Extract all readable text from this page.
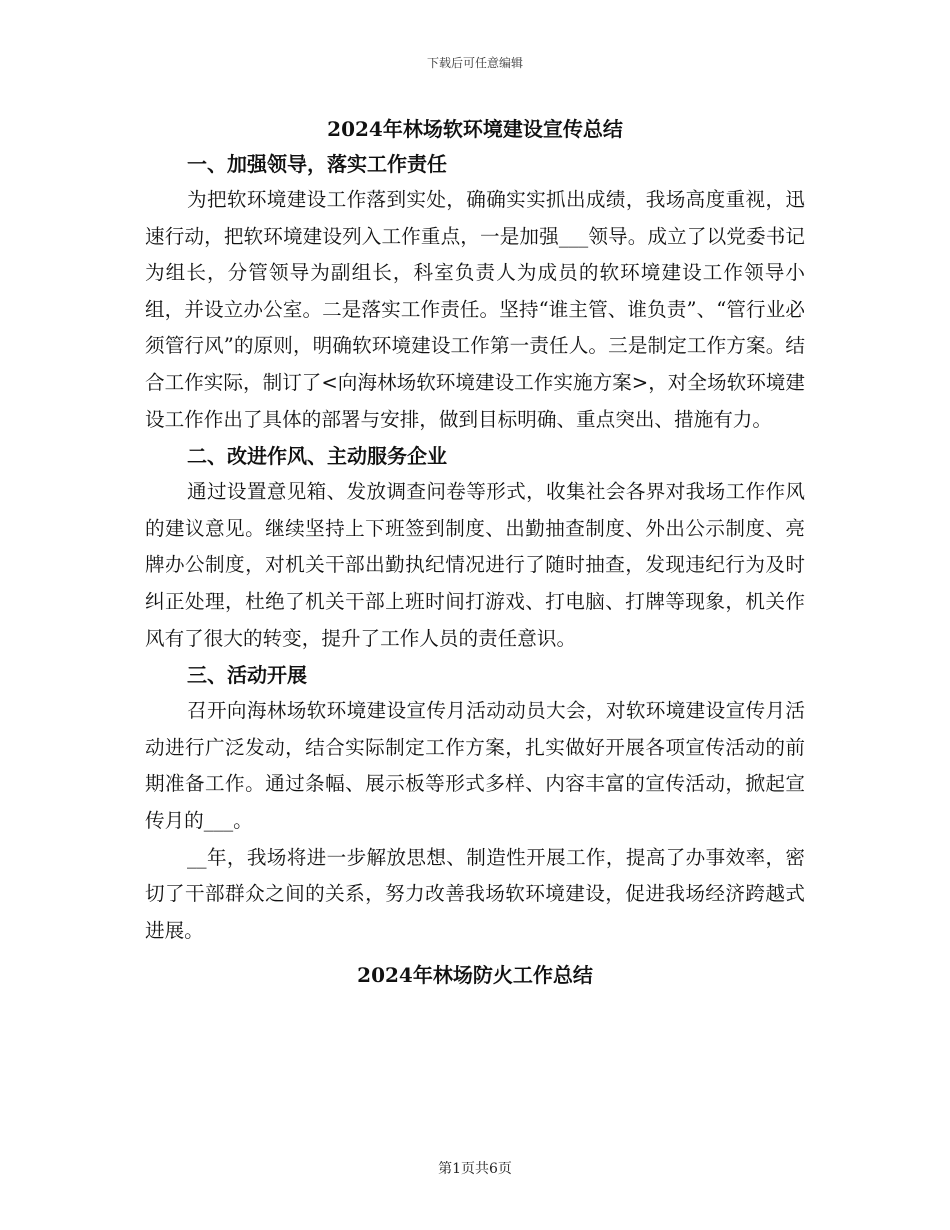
下载后可任意编辑
2024年林场软环境建设宣传总结
一、加强领导，落实工作责任

为把软环境建设工作落到实处，确确实实抓出成绩，我场高度重视，迅速行动，把软环境建设列入工作重点，一是加强___领导。成立了以党委书记为组长，分管领导为副组长，科室负责人为成员的软环境建设工作领导小组，并设立办公室。二是落实工作责任。坚持“谁主管、谁负责”、“管行业必须管行风”的原则，明确软环境建设工作第一责任人。三是制定工作方案。结合工作实际，制订了<向海林场软环境建设工作实施方案>，对全场软环境建设工作作出了具体的部署与安排，做到目标明确、重点突出、措施有力。

二、改进作风、主动服务企业

通过设置意见箱、发放调查问卷等形式，收集社会各界对我场工作作风的建议意见。继续坚持上下班签到制度、出勤抽查制度、外出公示制度、亮牌办公制度，对机关干部出勤执纪情况进行了随时抽查，发现违纪行为及时纠正处理，杜绝了机关干部上班时间打游戏、打电脑、打牌等现象，机关作风有了很大的转变，提升了工作人员的责任意识。

三、活动开展

召开向海林场软环境建设宣传月活动动员大会，对软环境建设宣传月活动进行广泛发动，结合实际制定工作方案，扎实做好开展各项宣传活动的前期准备工作。通过条幅、展示板等形式多样、内容丰富的宣传活动，掀起宣传月的___。

__年，我场将进一步解放思想、制造性开展工作，提高了办事效率，密切了干部群众之间的关系，努力改善我场软环境建设，促进我场经济跨越式进展。

2024年林场防火工作总结
第1页共6页
